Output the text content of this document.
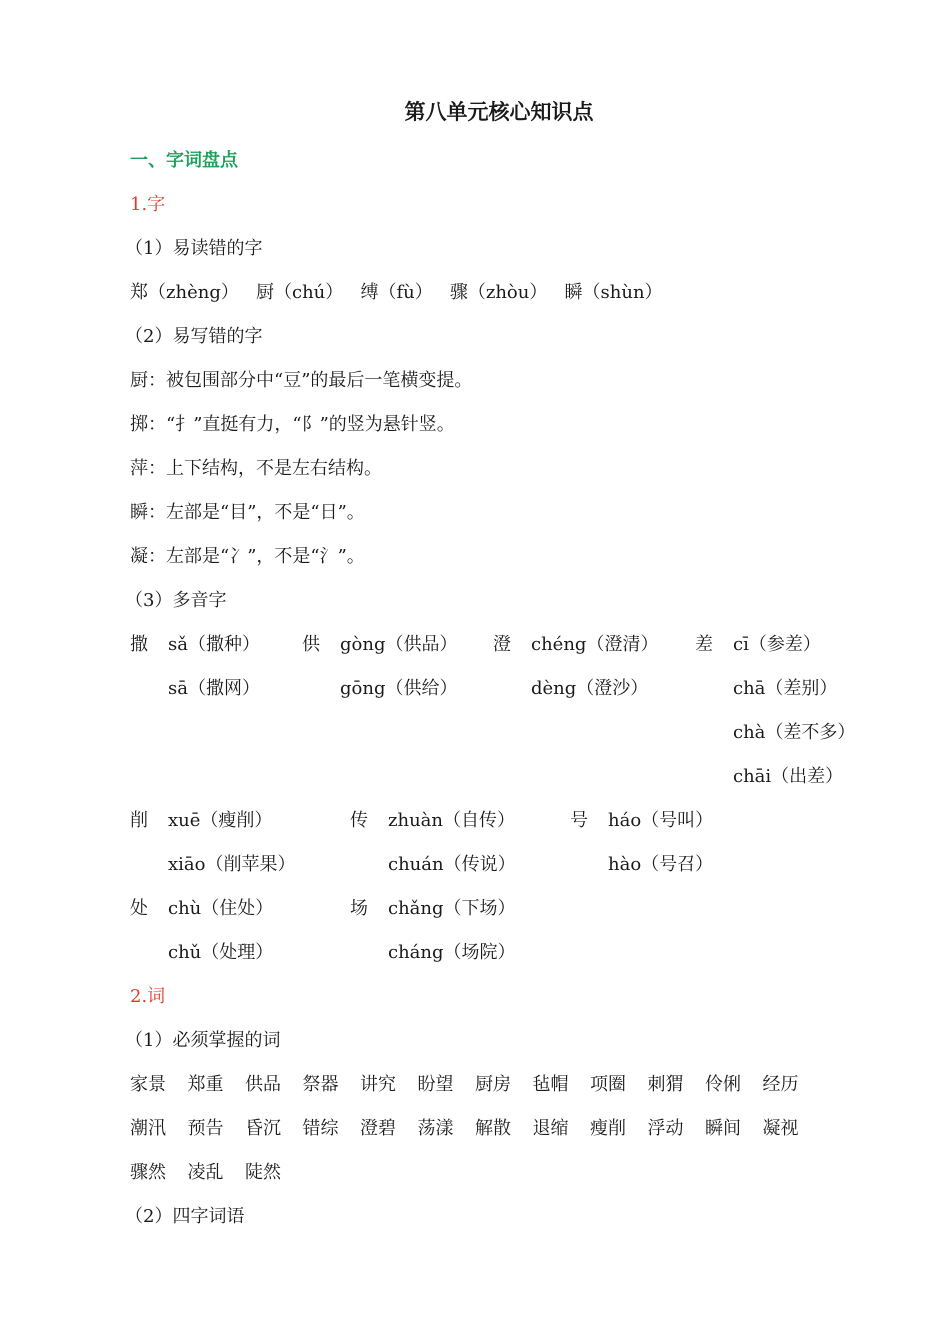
第八单元核心知识点
一、字词盘点
1.字
（1）易读错的字
郑（zhèng）   厨（chú）   缚（fù）   骤（zhòu）   瞬（shùn）
（2）易写错的字
厨：被包围部分中“豆”的最后一笔横变提。
掷：“扌”直挺有力，“阝”的竖为悬针竖。
萍：上下结构，不是左右结构。
瞬：左部是“目”，不是“日”。
凝：左部是“冫”，不是“氵”。
（3）多音字
撒 sǎ（撒种）
sā（撒网）
供 gòng（供品）
gōng（供给）
澄 chéng（澄清）
dèng（澄沙）
差 cī（参差）
chā（差别）
chà（差不多）
chāi（出差）
削 xuē（瘦削）
xiāo（削苹果）
传 zhuàn（自传）
chuán（传说）
号 háo（号叫）
hào（号召）
处 chù（住处）
chǔ（处理）
场 chǎng（下场）
cháng（场院）
2.词
（1）必须掌握的词
家景 郑重 供品 祭器 讲究 盼望 厨房 毡帽 项圈 刺猬 伶俐 经历
潮汛 预告 昏沉 错综 澄碧 荡漾 解散 退缩 瘦削 浮动 瞬间 凝视
骤然 凌乱 陡然
（2）四字词语
